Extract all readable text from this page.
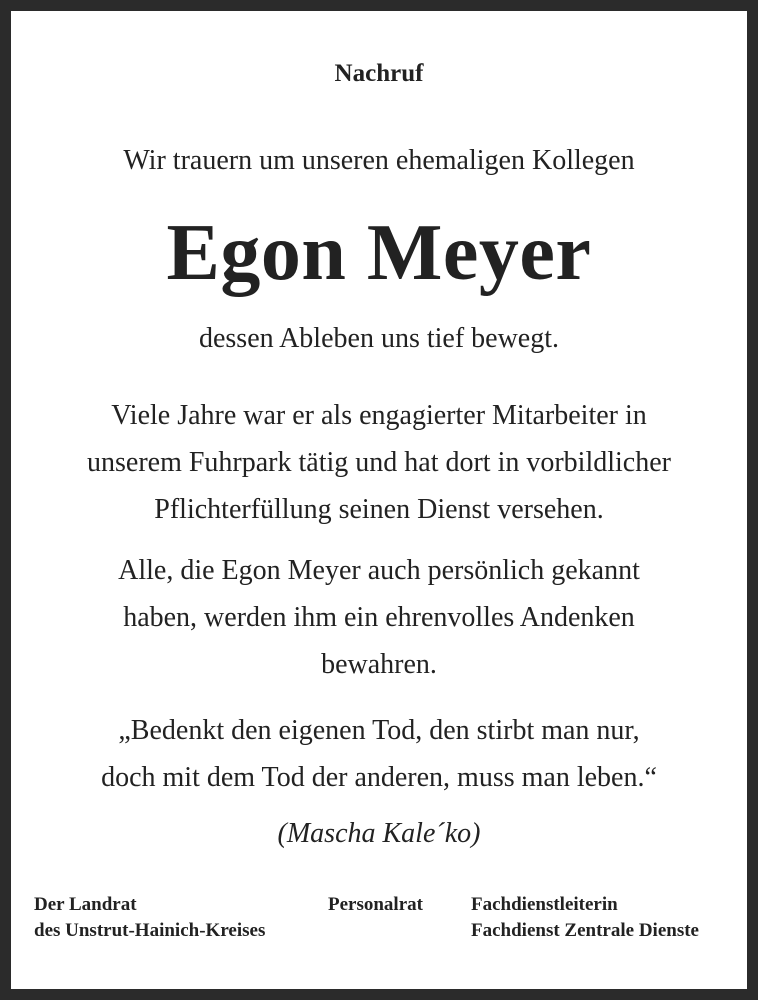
Nachruf
Wir trauern um unseren ehemaligen Kollegen
Egon Meyer
dessen Ableben uns tief bewegt.
Viele Jahre war er als engagierter Mitarbeiter in
unserem Fuhrpark tätig und hat dort in vorbildlicher
Pflichterfüllung seinen Dienst versehen.
Alle, die Egon Meyer auch persönlich gekannt
haben, werden ihm ein ehrenvolles Andenken
bewahren.
„Bedenkt den eigenen Tod, den stirbt man nur,
doch mit dem Tod der anderen, muss man leben.“
(Mascha Kale´ko)
Der Landrat
des Unstrut-Hainich-Kreises
Personalrat	Fachdienstleiterin
Fachdienst Zentrale Dienste
